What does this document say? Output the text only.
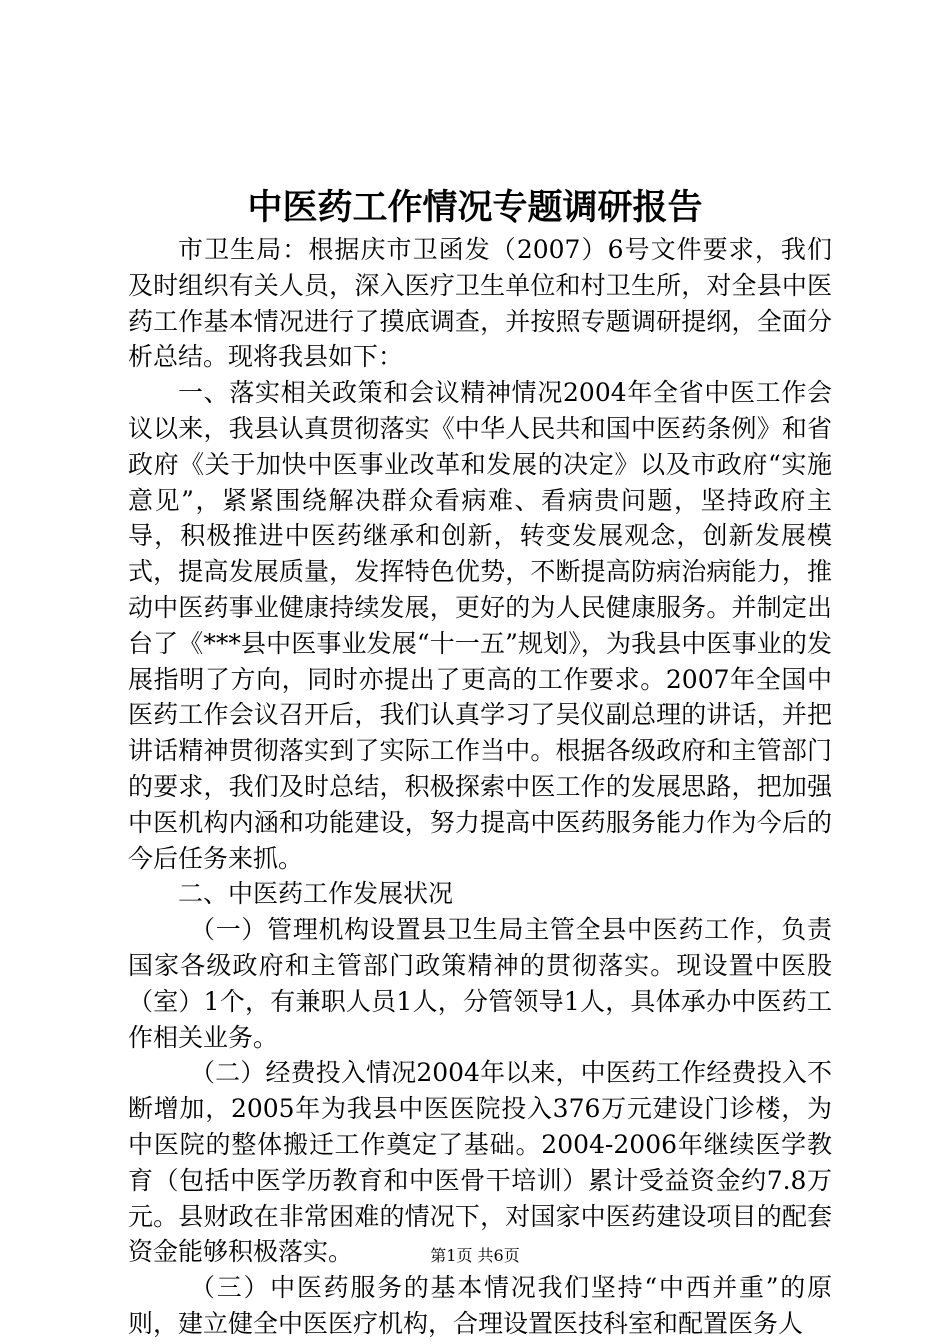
中医药工作情况专题调研报告

市卫生局：根据庆市卫函发（2007）6号文件要求，我们及时组织有关人员，深入医疗卫生单位和村卫生所，对全县中医药工作基本情况进行了摸底调查，并按照专题调研提纲，全面分析总结。现将我县如下：

一、落实相关政策和会议精神情况2004年全省中医工作会议以来，我县认真贯彻落实《中华人民共和国中医药条例》和省政府《关于加快中医事业改革和发展的决定》以及市政府“实施意见”，紧紧围绕解决群众看病难、看病贵问题，坚持政府主导，积极推进中医药继承和创新，转变发展观念，创新发展模式，提高发展质量，发挥特色优势，不断提高防病治病能力，推动中医药事业健康持续发展，更好的为人民健康服务。并制定出台了《***县中医事业发展“十一五”规划》，为我县中医事业的发展指明了方向，同时亦提出了更高的工作要求。2007年全国中医药工作会议召开后，我们认真学习了吴仪副总理的讲话，并把讲话精神贯彻落实到了实际工作当中。根据各级政府和主管部门的要求，我们及时总结，积极探索中医工作的发展思路，把加强中医机构内涵和功能建设，努力提高中医药服务能力作为今后的今后任务来抓。

二、中医药工作发展状况

（一）管理机构设置县卫生局主管全县中医药工作，负责国家各级政府和主管部门政策精神的贯彻落实。现设置中医股（室）1个，有兼职人员1人，分管领导1人，具体承办中医药工作相关业务。

（二）经费投入情况2004年以来，中医药工作经费投入不断增加，2005年为我县中医医院投入376万元建设门诊楼，为中医院的整体搬迁工作奠定了基础。2004-2006年继续医学教育（包括中医学历教育和中医骨干培训）累计受益资金约7.8万元。县财政在非常困难的情况下，对国家中医药建设项目的配套资金能够积极落实。

（三）中医药服务的基本情况我们坚持“中西并重”的原则，建立健全中医医疗机构，合理设置医技科室和配置医务人

第1页 共6页
